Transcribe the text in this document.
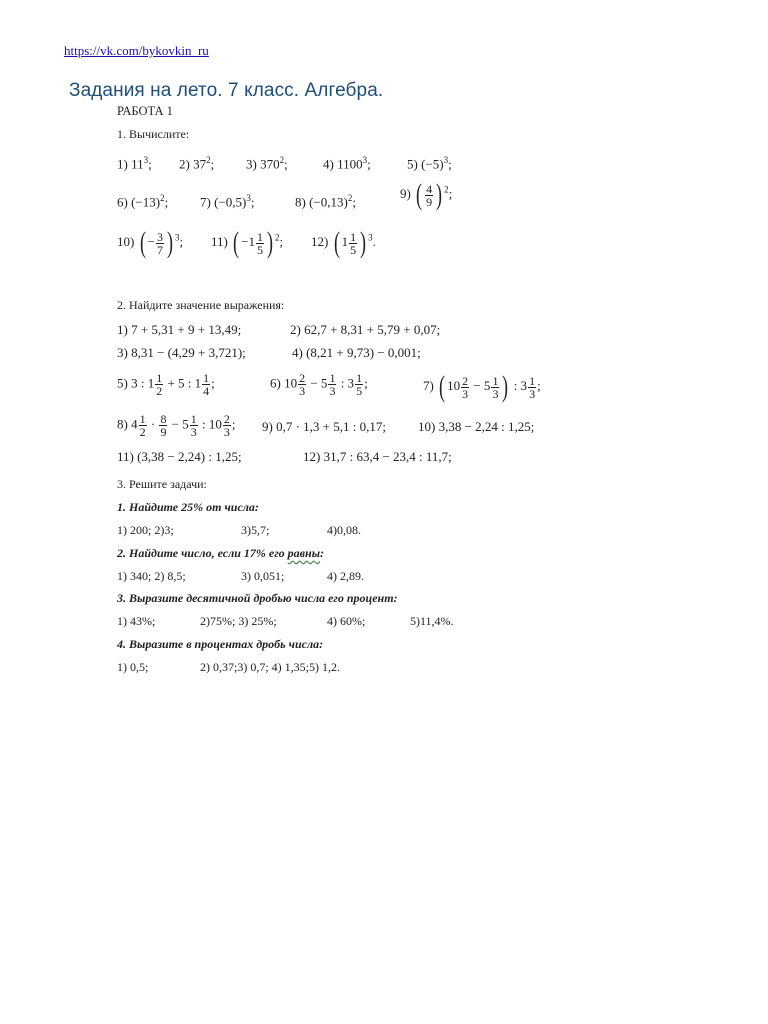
https://vk.com/bykovkin_ru
Задания на лето. 7 класс. Алгебра.
РАБОТА 1
1. Вычислите:
1) $11^3$; 2) $37^2$; 3) $370^2$;	4) 1100$^3$;	5) $(-5)^3$;
6) $(-13)^2$; 7) $(-0,5)^3$;	8) $(-0,13)^2$;
9) ( $\frac{4}{9}$ ) $^2$;
10) ( − $\frac{3}{7}$ ) $^3$; 11) ( $-1 \frac{1}{5}$ ) $^2$; 12) ( $1 \frac{1}{5}$ ) $^3$.
2. Найдите значение выражения:
1) 7 + 5,31 + 9 + 13,49;	2) 62,7 + 8,31 + 5,79 + 0,07;
3) 8,31 − (4,29 + 3,721);	4) (8,21 + 9,73) − 0,001;
5) 3 : $1 \frac{1}{2} + 5$ : $1 \frac{1}{4}$ ;	6) $10 \frac{2}{3} - 5 \frac{1}{3}$ : $3 \frac{1}{5}$ ;	7) ( $10 \frac{2}{3} - 5 \frac{1}{3}$ ) : $3 \frac{1}{3}$ ;
8) $4 \frac{1}{2} \cdot \frac{8}{9} - 5 \frac{1}{3}$ : $10 \frac{2}{3}$ ; 9) 0,7 · 1,3 + 5,1 : 0,17; 10) 3,38 − 2,24 : 1,25;
11) (3,38 − 2,24) : 1,25;	12) 31,7 : 63,4 − 23,4 : 11,7;
3. Решите задачи:
1. Найдите 25% от числа:
1) 200; 2)3;	3)5,7;	4)0,08.
2. Найдите число, если 17% его равны:
1) 340; 2) 8,5;	3) 0,051;	4) 2,89.
3. Выразите десятичной дробью числа его процент:
1) 43%;	2)75%; 3) 25%;	4) 60%;	5)11,4%.
4. Выразите в процентах дробь числа:
1) 0,5;	2) 0,37;3) 0,7; 4) 1,35;5) 1,2.
